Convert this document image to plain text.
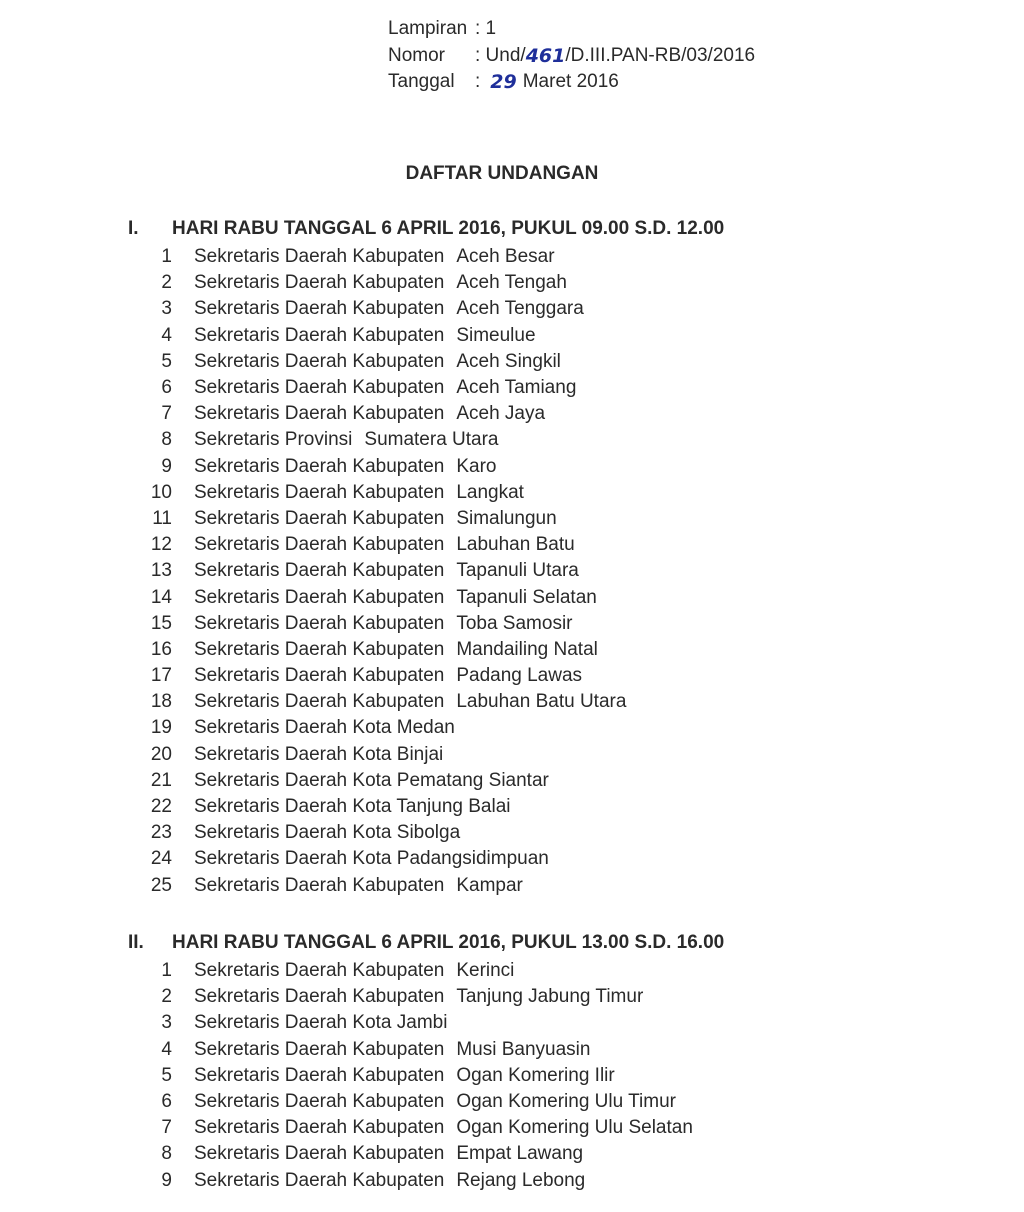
Lampiran : 1
Nomor	: Und/ 461 /D.III.PAN-RB/03/2016
Tanggal	: 29 Maret 2016
DAFTAR UNDANGAN
I.	HARI RABU TANGGAL 6 APRIL 2016, PUKUL 09.00 S.D. 12.00
1	Sekretaris Daerah Kabupaten Aceh Besar
2	Sekretaris Daerah Kabupaten Aceh Tengah
3	Sekretaris Daerah Kabupaten Aceh Tenggara
4	Sekretaris Daerah Kabupaten Simeulue
5	Sekretaris Daerah Kabupaten Aceh Singkil
6	Sekretaris Daerah Kabupaten Aceh Tamiang
7	Sekretaris Daerah Kabupaten Aceh Jaya
8	Sekretaris Provinsi Sumatera Utara
9	Sekretaris Daerah Kabupaten Karo
10	Sekretaris Daerah Kabupaten Langkat
11	Sekretaris Daerah Kabupaten Simalungun
12	Sekretaris Daerah Kabupaten Labuhan Batu
13	Sekretaris Daerah Kabupaten Tapanuli Utara
14	Sekretaris Daerah Kabupaten Tapanuli Selatan
15	Sekretaris Daerah Kabupaten Toba Samosir
16	Sekretaris Daerah Kabupaten Mandailing Natal
17	Sekretaris Daerah Kabupaten Padang Lawas
18	Sekretaris Daerah Kabupaten Labuhan Batu Utara
19	Sekretaris Daerah Kota Medan
20	Sekretaris Daerah Kota Binjai
21	Sekretaris Daerah Kota Pematang Siantar
22	Sekretaris Daerah Kota Tanjung Balai
23	Sekretaris Daerah Kota Sibolga
24	Sekretaris Daerah Kota Padangsidimpuan
25	Sekretaris Daerah Kabupaten Kampar
II.	HARI RABU TANGGAL 6 APRIL 2016, PUKUL 13.00 S.D. 16.00
1	Sekretaris Daerah Kabupaten Kerinci
2	Sekretaris Daerah Kabupaten Tanjung Jabung Timur
3	Sekretaris Daerah Kota Jambi
4	Sekretaris Daerah Kabupaten Musi Banyuasin
5	Sekretaris Daerah Kabupaten Ogan Komering Ilir
6	Sekretaris Daerah Kabupaten Ogan Komering Ulu Timur
7	Sekretaris Daerah Kabupaten Ogan Komering Ulu Selatan
8	Sekretaris Daerah Kabupaten Empat Lawang
9	Sekretaris Daerah Kabupaten Rejang Lebong
